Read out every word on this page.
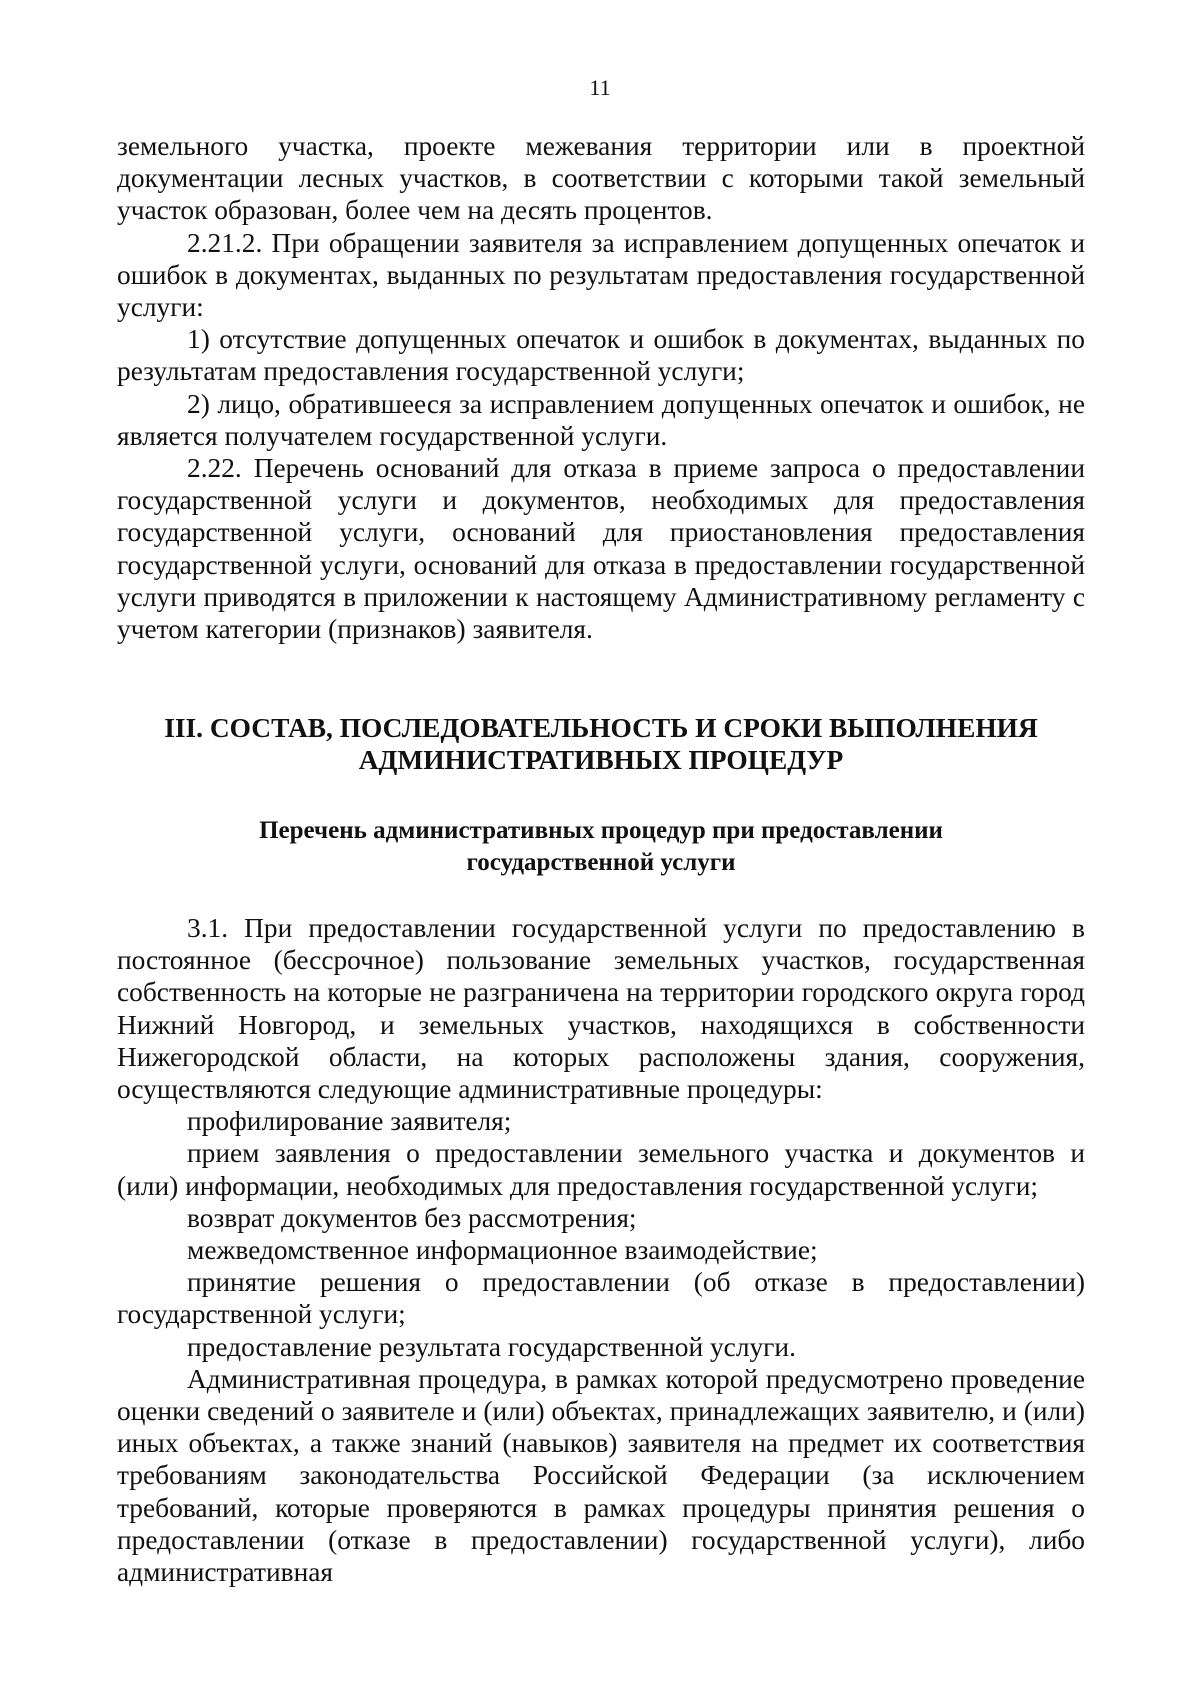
11

земельного участка, проекте межевания территории или в проектной документации лесных участков, в соответствии с которыми такой земельный участок образован, более чем на десять процентов.

2.21.2. При обращении заявителя за исправлением допущенных опечаток и ошибок в документах, выданных по результатам предоставления государственной услуги:

1) отсутствие допущенных опечаток и ошибок в документах, выданных по результатам предоставления государственной услуги;

2) лицо, обратившееся за исправлением допущенных опечаток и ошибок, не является получателем государственной услуги.

2.22. Перечень оснований для отказа в приеме запроса о предоставлении государственной услуги и документов, необходимых для предоставления государственной услуги, оснований для приостановления предоставления государственной услуги, оснований для отказа в предоставлении государственной услуги приводятся в приложении к настоящему Административному регламенту с учетом категории (признаков) заявителя.

III. СОСТАВ, ПОСЛЕДОВАТЕЛЬНОСТЬ И СРОКИ ВЫПОЛНЕНИЯ
АДМИНИСТРАТИВНЫХ ПРОЦЕДУР
Перечень административных процедур при предоставлении
государственной услуги

3.1. При предоставлении государственной услуги по предоставлению в постоянное (бессрочное) пользование земельных участков, государственная собственность на которые не разграничена на территории городского округа город Нижний Новгород, и земельных участков, находящихся в собственности Нижегородской области, на которых расположены здания, сооружения, осуществляются следующие административные процедуры:

профилирование заявителя;

прием заявления о предоставлении земельного участка и документов и (или) информации, необходимых для предоставления государственной услуги;

возврат документов без рассмотрения;

межведомственное информационное взаимодействие;

принятие решения о предоставлении (об отказе в предоставлении) государственной услуги;

предоставление результата государственной услуги.

Административная процедура, в рамках которой предусмотрено проведение оценки сведений о заявителе и (или) объектах, принадлежащих заявителю, и (или) иных объектах, а также знаний (навыков) заявителя на предмет их соответствия требованиям законодательства Российской Федерации (за исключением требований, которые проверяются в рамках процедуры принятия решения о предоставлении (отказе в предоставлении) государственной услуги), либо административная
